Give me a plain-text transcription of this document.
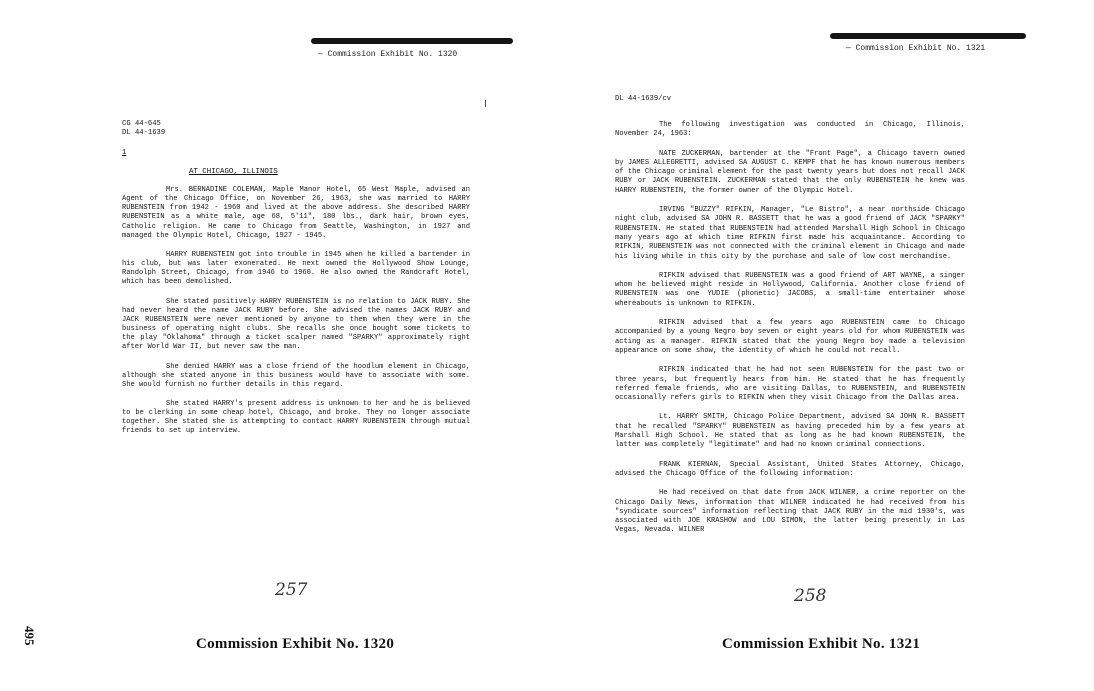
— Commission Exhibit No. 1320
CG 44-645
DL 44-1639
1
AT CHICAGO, ILLINOIS

Mrs. BERNADINE COLEMAN, Maple Manor Hotel, 65 West Maple, advised an Agent of the Chicago Office, on November 26, 1963, she was married to HARRY RUBENSTEIN from 1942 - 1960 and lived at the above address. She described HARRY RUBENSTEIN as a white male, age 68, 5'11", 180 lbs., dark hair, brown eyes, Catholic religion. He came to Chicago from Seattle, Washington, in 1927 and managed the Olympic Hotel, Chicago, 1927 - 1945.

HARRY RUBENSTEIN got into trouble in 1945 when he killed a bartender in his club, but was later exonerated. He next owned the Hollywood Show Lounge, Randolph Street, Chicago, from 1946 to 1960. He also owned the Randcraft Hotel, which has been demolished.

She stated positively HARRY RUBENSTEIN is no relation to JACK RUBY. She had never heard the name JACK RUBY before. She advised the names JACK RUBY and JACK RUBENSTEIN were never mentioned by anyone to them when they were in the business of operating night clubs. She recalls she once bought some tickets to the play "Oklahoma" through a ticket scalper named "SPARKY" approximately right after World War II, but never saw the man.

She denied HARRY was a close friend of the hoodlum element in Chicago, although she stated anyone in this business would have to associate with some. She would furnish no further details in this regard.

She stated HARRY's present address is unknown to her and he is believed to be clerking in some cheap hotel, Chicago, and broke. They no longer associate together. She stated she is attempting to contact HARRY RUBENSTEIN through mutual friends to set up interview.

257
Commission Exhibit No. 1320
495
— Commission Exhibit No. 1321
DL 44-1639/cv

The following investigation was conducted in Chicago, Illinois, November 24, 1963:

NATE ZUCKERMAN, bartender at the "Front Page", a Chicago tavern owned by JAMES ALLEGRETTI, advised SA AUGUST C. KEMPF that he has known numerous members of the Chicago criminal element for the past twenty years but does not recall JACK RUBY or JACK RUBENSTEIN. ZUCKERMAN stated that the only RUBENSTEIN he knew was HARRY RUBENSTEIN, the former owner of the Olympic Hotel.

IRVING "BUZZY" RIFKIN, Manager, "Le Bistro", a near northside Chicago night club, advised SA JOHN R. BASSETT that he was a good friend of JACK "SPARKY" RUBENSTEIN. He stated that RUBENSTEIN had attended Marshall High School in Chicago many years ago at which time RIFKIN first made his acquaintance. According to RIFKIN, RUBENSTEIN was not connected with the criminal element in Chicago and made his living while in this city by the purchase and sale of low cost merchandise.

RIFKIN advised that RUBENSTEIN was a good friend of ART WAYNE, a singer whom he believed might reside in Hollywood, California. Another close friend of RUBENSTEIN was one YUDIE (phonetic) JACOBS, a small-time entertainer whose whereabouts is unknown to RIFKIN.

RIFKIN advised that a few years ago RUBENSTEIN came to Chicago accompanied by a young Negro boy seven or eight years old for whom RUBENSTEIN was acting as a manager. RIFKIN stated that the young Negro boy made a television appearance on some show, the identity of which he could not recall.

RIFKIN indicated that he had not seen RUBENSTEIN for the past two or three years, but frequently hears from him. He stated that he has frequently referred female friends, who are visiting Dallas, to RUBENSTEIN, and RUBENSTEIN occasionally refers girls to RIFKIN when they visit Chicago from the Dallas area.

Lt. HARRY SMITH, Chicago Police Department, advised SA JOHN R. BASSETT that he recalled "SPARKY" RUBENSTEIN as having preceded him by a few years at Marshall High School. He stated that as long as he had known RUBENSTEIN, the latter was completely "legitimate" and had no known criminal connections.

FRANK KIERNAN, Special Assistant, United States Attorney, Chicago, advised the Chicago Office of the following information:

He had received on that date from JACK WILNER, a crime reporter on the Chicago Daily News, information that WILNER indicated he had received from his "syndicate sources" information reflecting that JACK RUBY in the mid 1930's, was associated with JOE KRASHOW and LOU SIMON, the latter being presently in Las Vegas, Nevada. WILNER

258
Commission Exhibit No. 1321
